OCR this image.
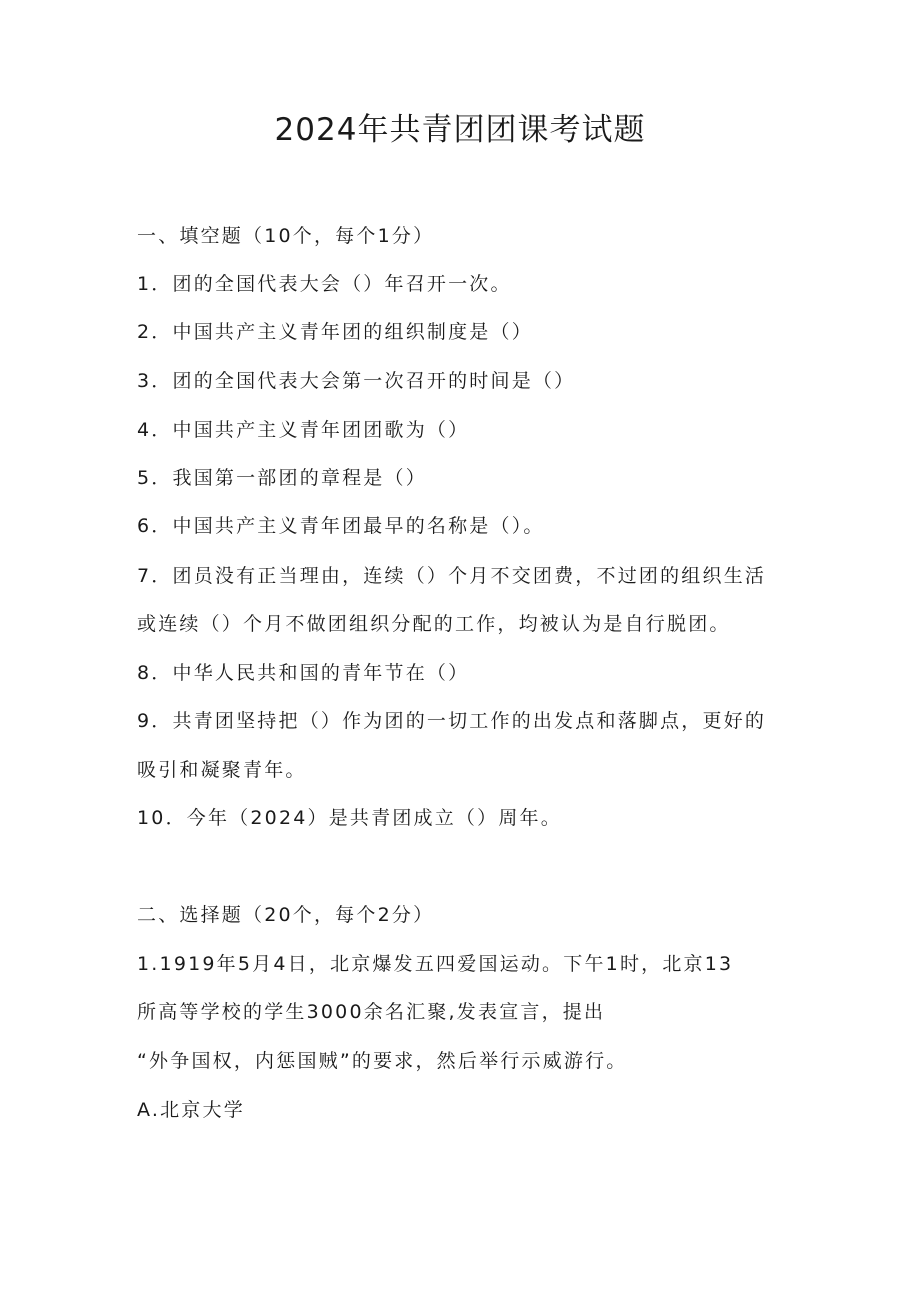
2024年共青团团课考试题

一、填空题（10个，每个1分）

1．团的全国代表大会（）年召开一次。

2．中国共产主义青年团的组织制度是（）

3．团的全国代表大会第一次召开的时间是（）

4．中国共产主义青年团团歌为（）

5．我国第一部团的章程是（）

6．中国共产主义青年团最早的名称是（）。

7．团员没有正当理由，连续（）个月不交团费，不过团的组织生活

或连续（）个月不做团组织分配的工作，均被认为是自行脱团。

8．中华人民共和国的青年节在（）

9．共青团坚持把（）作为团的一切工作的出发点和落脚点，更好的

吸引和凝聚青年。

10．今年（2024）是共青团成立（）周年。

二、选择题（20个，每个2分）

1.1919年5月4日，北京爆发五四爱国运动。下午1时，北京13

所高等学校的学生3000余名汇聚,发表宣言，提出

“外争国权，内惩国贼”的要求，然后举行示威游行。

A.北京大学
